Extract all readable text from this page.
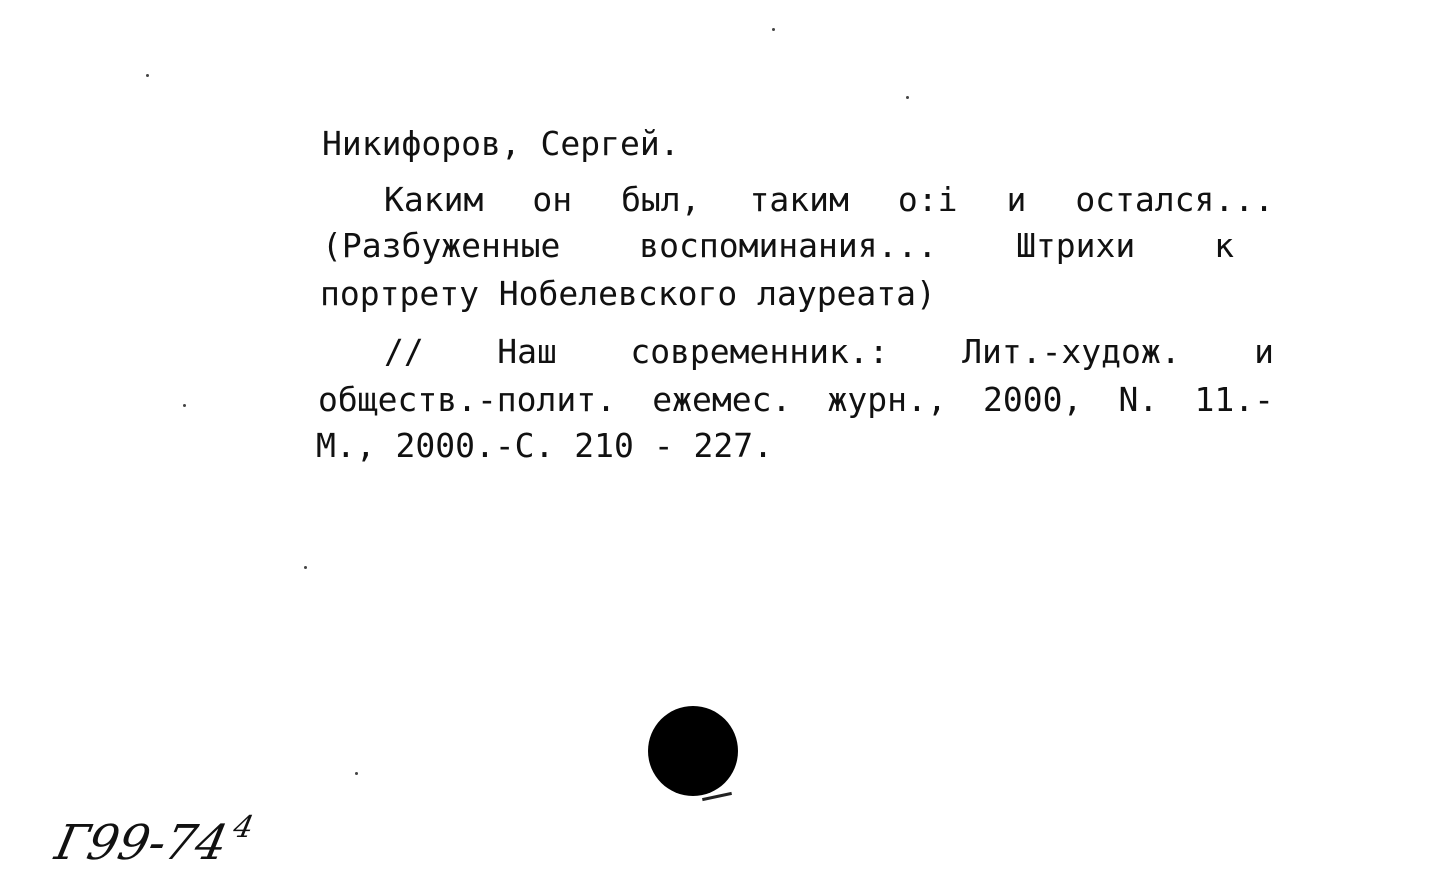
Никифоров, Сергей.
Каким он был, таким о:і и остался...
(Разбуженные воспоминания... Штрихи к
портрету Нобелевского лауреата)
// Наш современник.: Лит.-худож. и
обществ.-полит. ежемес. журн., 2000, N. 11.-
М., 2000.-С. 210 - 227.
$Г99-74^4$
